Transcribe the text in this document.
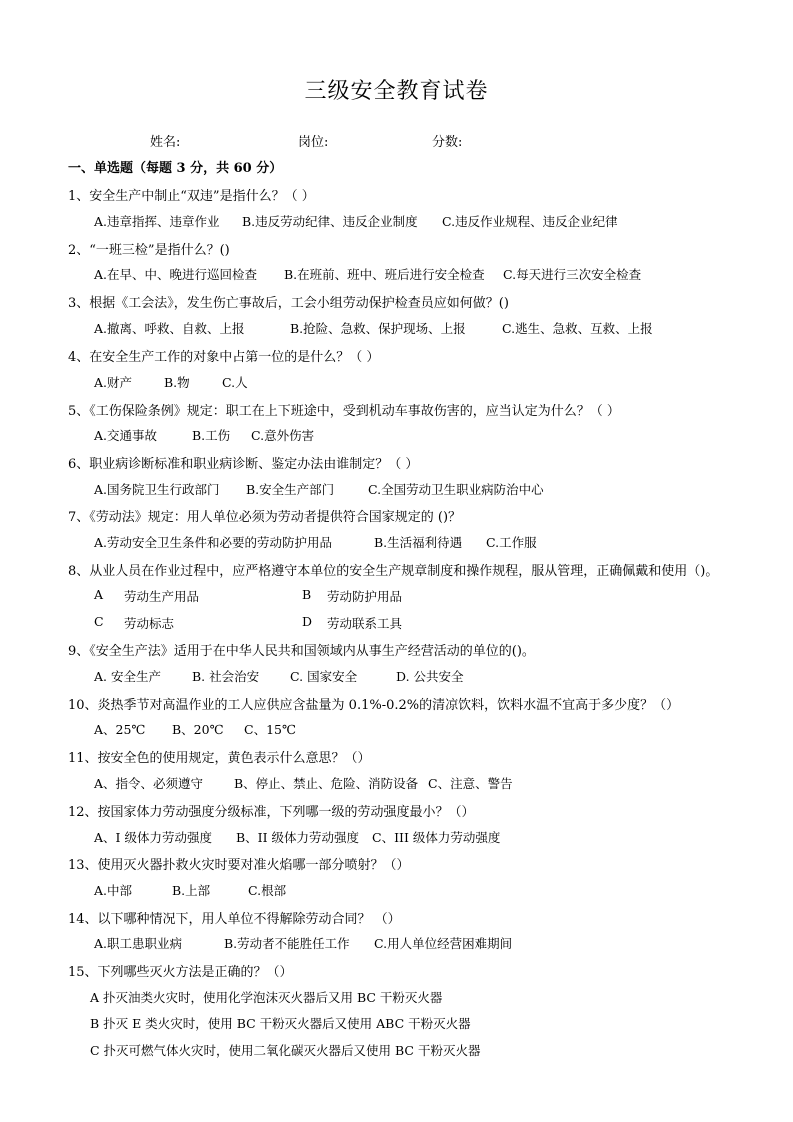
三级安全教育试卷
姓名:	岗位:	分数:
一、单选题（每题 3 分，共 60 分）
1、安全生产中制止“双违”是指什么？（ ）
A.违章指挥、违章作业 B.违反劳动纪律、违反企业制度 C.违反作业规程、违反企业纪律
2、“一班三检”是指什么？()
A.在早、中、晚进行巡回检查 B.在班前、班中、班后进行安全检查 C.每天进行三次安全检查
3、根据《工会法》，发生伤亡事故后，工会小组劳动保护检查员应如何做？()
A.撤离、呼救、自救、上报	B.抢险、急救、保护现场、上报	C.逃生、急救、互救、上报
4、在安全生产工作的对象中占第一位的是什么？（ ）
A.财产	B.物	C.人
5、《工伤保险条例》规定：职工在上下班途中，受到机动车事故伤害的，应当认定为什么？（ ）
A.交通事故	B.工伤 C.意外伤害
6、职业病诊断标准和职业病诊断、鉴定办法由谁制定？（ ）
A.国务院卫生行政部门 B.安全生产部门	C.全国劳动卫生职业病防治中心
7、《劳动法》规定：用人单位必须为劳动者提供符合国家规定的 ()？
A.劳动安全卫生条件和必要的劳动防护用品	B.生活福利待遇 C.工作服
8、从业人员在作业过程中，应严格遵守本单位的安全生产规章制度和操作规程，服从管理，正确佩戴和使用（)。
A 劳动生产用品	B 劳动防护用品
C 劳动标志	D 劳动联系工具
9、《安全生产法》适用于在中华人民共和国领域内从事生产经营活动的单位的()。
A. 安全生产 B. 社会治安 C. 国家安全	D. 公共安全
10、炎热季节对高温作业的工人应供应含盐量为 0.1%-0.2%的清凉饮料，饮料水温不宜高于多少度？（）
A、25℃ B、20℃ C、15℃
11、按安全色的使用规定，黄色表示什么意思？（）
A、指令、必须遵守 B、停止、禁止、危险、消防设备 C、注意、警告
12、按国家体力劳动强度分级标准，下列哪一级的劳动强度最小？（）
A、I 级体力劳动强度 B、II 级体力劳动强度 C、III 级体力劳动强度
13、使用灭火器扑救火灾时要对准火焰哪一部分喷射？（）
A.中部	B.上部	C.根部
14、以下哪种情况下，用人单位不得解除劳动合同？ （）
A.职工患职业病	B.劳动者不能胜任工作 C.用人单位经营困难期间
15、下列哪些灭火方法是正确的？（）
A 扑灭油类火灾时，使用化学泡沫灭火器后又用 BC 干粉灭火器
B 扑灭 E 类火灾时，使用 BC 干粉灭火器后又使用 ABC 干粉灭火器
C 扑灭可燃气体火灾时，使用二氧化碳灭火器后又使用 BC 干粉灭火器
